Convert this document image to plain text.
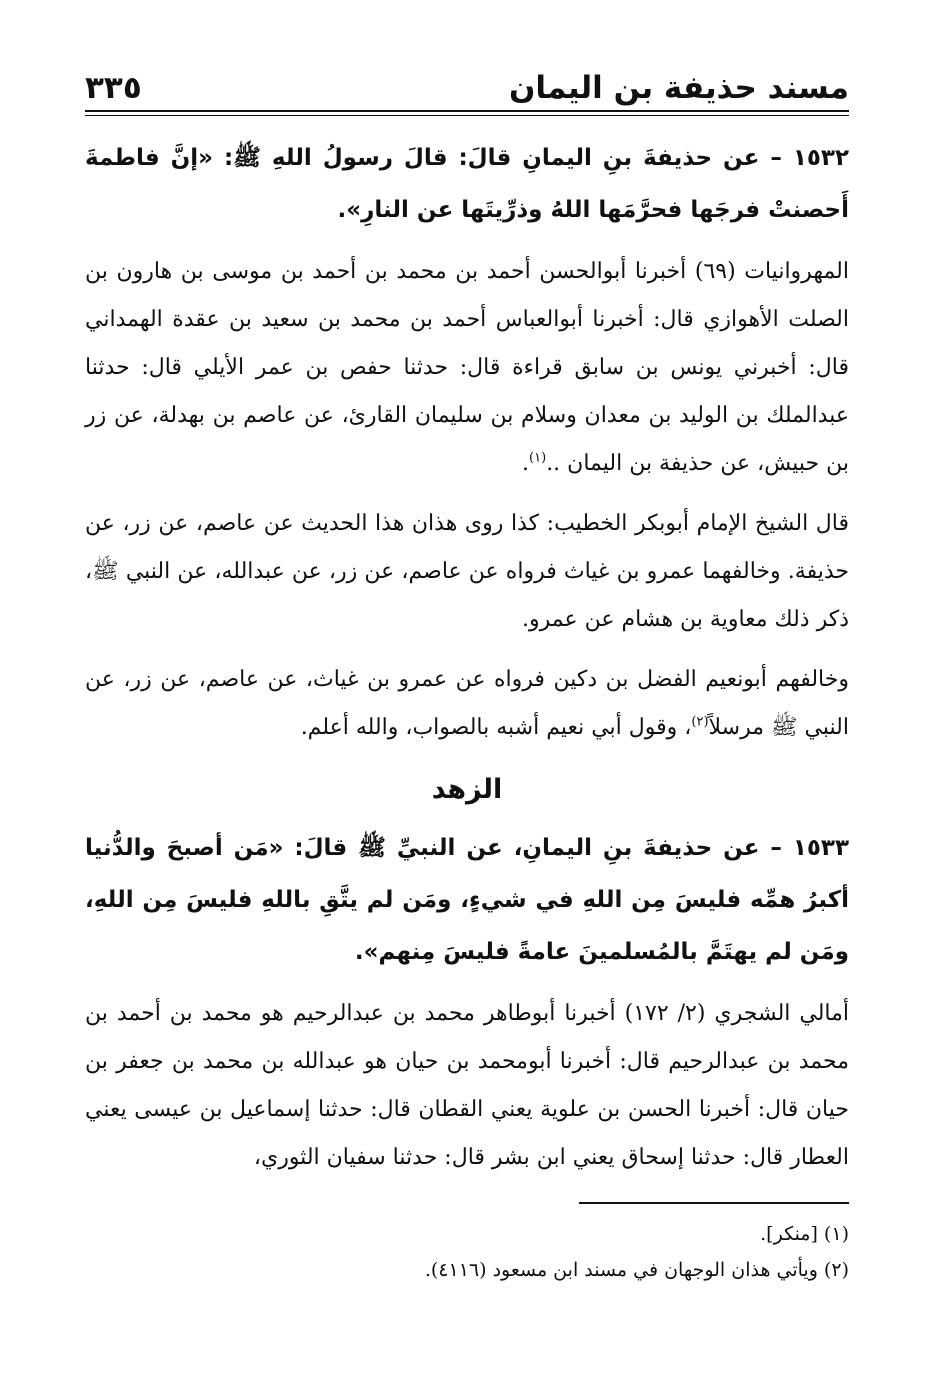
مسند حذيفة بن اليمان
٣٣٥

١٥٣٢ – عن حذيفةَ بنِ اليمانِ قالَ: قالَ رسولُ اللهِ ﷺ: «إنَّ فاطمةَ أَحصنتْ فرجَها فحرَّمَها اللهُ وذرِّيتَها عن النارِ».

المهروانيات (٦٩) أخبرنا أبوالحسن أحمد بن محمد بن أحمد بن موسى بن هارون بن الصلت الأهوازي قال: أخبرنا أبوالعباس أحمد بن محمد بن سعيد بن عقدة الهمداني قال: أخبرني يونس بن سابق قراءة قال: حدثنا حفص بن عمر الأيلي قال: حدثنا عبدالملك بن الوليد بن معدان وسلام بن سليمان القارئ، عن عاصم بن بهدلة، عن زر بن حبيش، عن حذيفة بن اليمان ..$^{(١)}$.

قال الشيخ الإمام أبوبكر الخطيب: كذا روى هذان هذا الحديث عن عاصم، عن زر، عن حذيفة. وخالفهما عمرو بن غياث فرواه عن عاصم، عن زر، عن عبدالله، عن النبي ﷺ، ذكر ذلك معاوية بن هشام عن عمرو.

وخالفهم أبونعيم الفضل بن دكين فرواه عن عمرو بن غياث، عن عاصم، عن زر، عن النبي ﷺ مرسلاً$^{(٢)}$، وقول أبي نعيم أشبه بالصواب، والله أعلم.

الزهد

١٥٣٣ – عن حذيفةَ بنِ اليمانِ، عن النبيِّ ﷺ قالَ: «مَن أصبحَ والدُّنيا أكبرُ همِّه فليسَ مِن اللهِ في شيءٍ، ومَن لم يتَّقِ باللهِ فليسَ مِن اللهِ، ومَن لم يهتَمَّ بالمُسلمينَ عامةً فليسَ مِنهم».

أمالي الشجري (٢/ ١٧٢) أخبرنا أبوطاهر محمد بن عبدالرحيم هو محمد بن أحمد بن محمد بن عبدالرحيم قال: أخبرنا أبومحمد بن حيان هو عبدالله بن محمد بن جعفر بن حيان قال: أخبرنا الحسن بن علوية يعني القطان قال: حدثنا إسماعيل بن عيسى يعني العطار قال: حدثنا إسحاق يعني ابن بشر قال: حدثنا سفيان الثوري،

(١) [منكر].

(٢) ويأتي هذان الوجهان في مسند ابن مسعود (٤١١٦).
